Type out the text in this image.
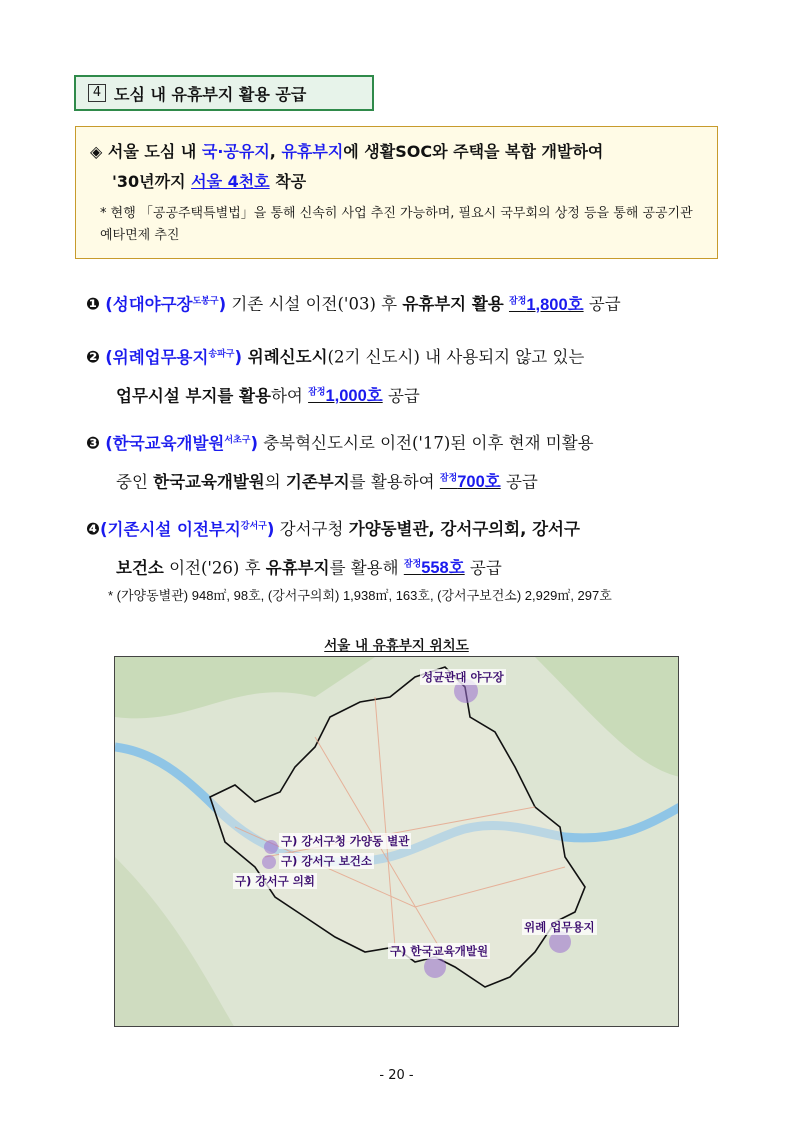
4 도심 내 유휴부지 활용 공급
◈ 서울 도심 내 국·공유지, 유휴부지에 생활SOC와 주택을 복합 개발하여
'30년까지 서울 4천호 착공
* 현행 「공공주택특별법」을 통해 신속히 사업 추진 가능하며, 필요시 국무회의 상정 등을 통해 공공기관 예타면제 추진
❶ (성대야구장$^{도봉구}$) 기존 시설 이전('03) 후 유휴부지 활용 $^{잠정}$1,800호 공급
❷ (위례업무용지$^{송파구}$) 위례신도시(2기 신도시) 내 사용되지 않고 있는
업무시설 부지를 활용하여 $^{잠정}$1,000호 공급
❸ (한국교육개발원$^{서초구}$) 충북혁신도시로 이전('17)된 이후 현재 미활용
중인 한국교육개발원의 기존부지를 활용하여 $^{잠정}$700호 공급
❹(기존시설 이전부지$^{강서구}$) 강서구청 가양동별관, 강서구의회, 강서구
보건소 이전('26) 후 유휴부지를 활용해 $^{잠정}$558호 공급
* (가양동별관) 948㎡, 98호, (강서구의회) 1,938㎡, 163호, (강서구보건소) 2,929㎡, 297호
서울 내 유휴부지 위치도
성균관대 야구장
구) 강서구청 가양동 별관
구) 강서구 보건소
구) 강서구 의회
위례 업무용지
구) 한국교육개발원
- 20 -
